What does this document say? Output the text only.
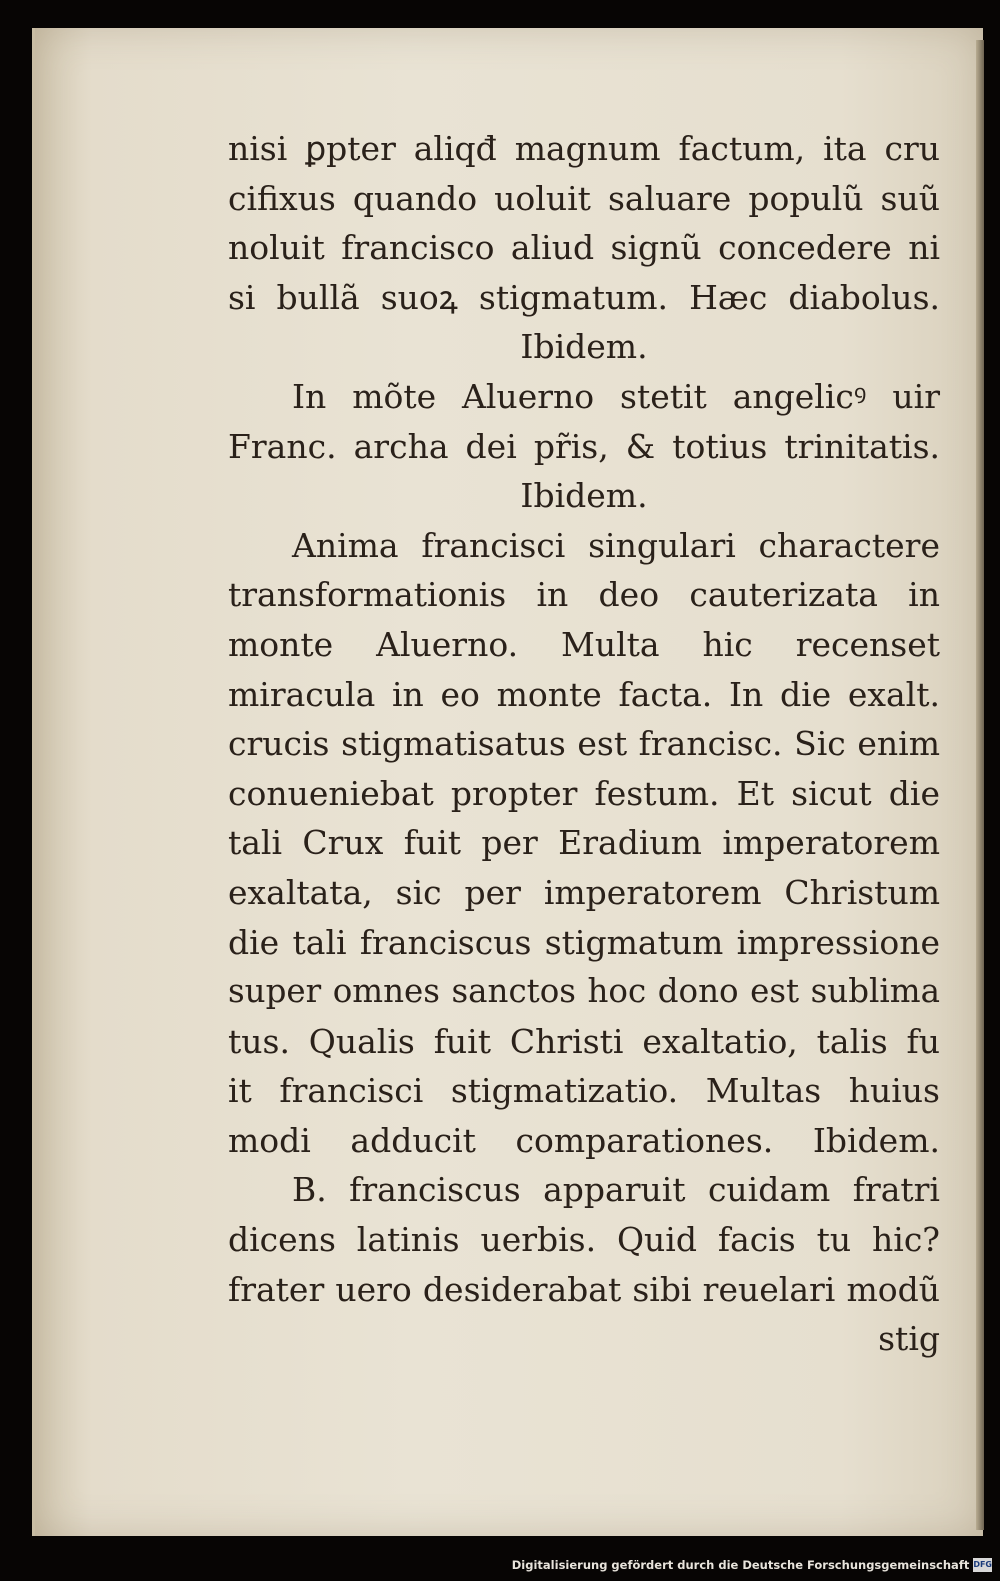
nisi ꝑpter aliqđ magnum factum, ita cru
cifixus quando uoluit saluare populũ suũ
noluit francisco aliud signũ concedere ni
si bullã suoꝝ stigmatum. Hæc diabolus.
Ibidem.
In mõte Aluerno stetit angelicꝰ uir
Franc. archa dei pr̃is, & totius trinitatis.
Ibidem.
Anima francisci singulari charactere
transformationis in deo cauterizata in
monte Aluerno. Multa hic recenset
miracula in eo monte facta. In die exalt.
crucis stigmatisatus est francisc. Sic enim
conueniebat propter festum. Et sicut die
tali Crux fuit per Eradium imperatorem
exaltata, sic per imperatorem Christum
die tali franciscus stigmatum impressione
super omnes sanctos hoc dono est sublima
tus. Qualis fuit Christi exaltatio, talis fu
it francisci stigmatizatio. Multas huius
modi adducit comparationes. Ibidem.
B. franciscus apparuit cuidam fratri
dicens latinis uerbis. Quid facis tu hic?
frater uero desiderabat sibi reuelari modũ
stig
Digitalisierung gefördert durch die Deutsche Forschungsgemeinschaft DFG
